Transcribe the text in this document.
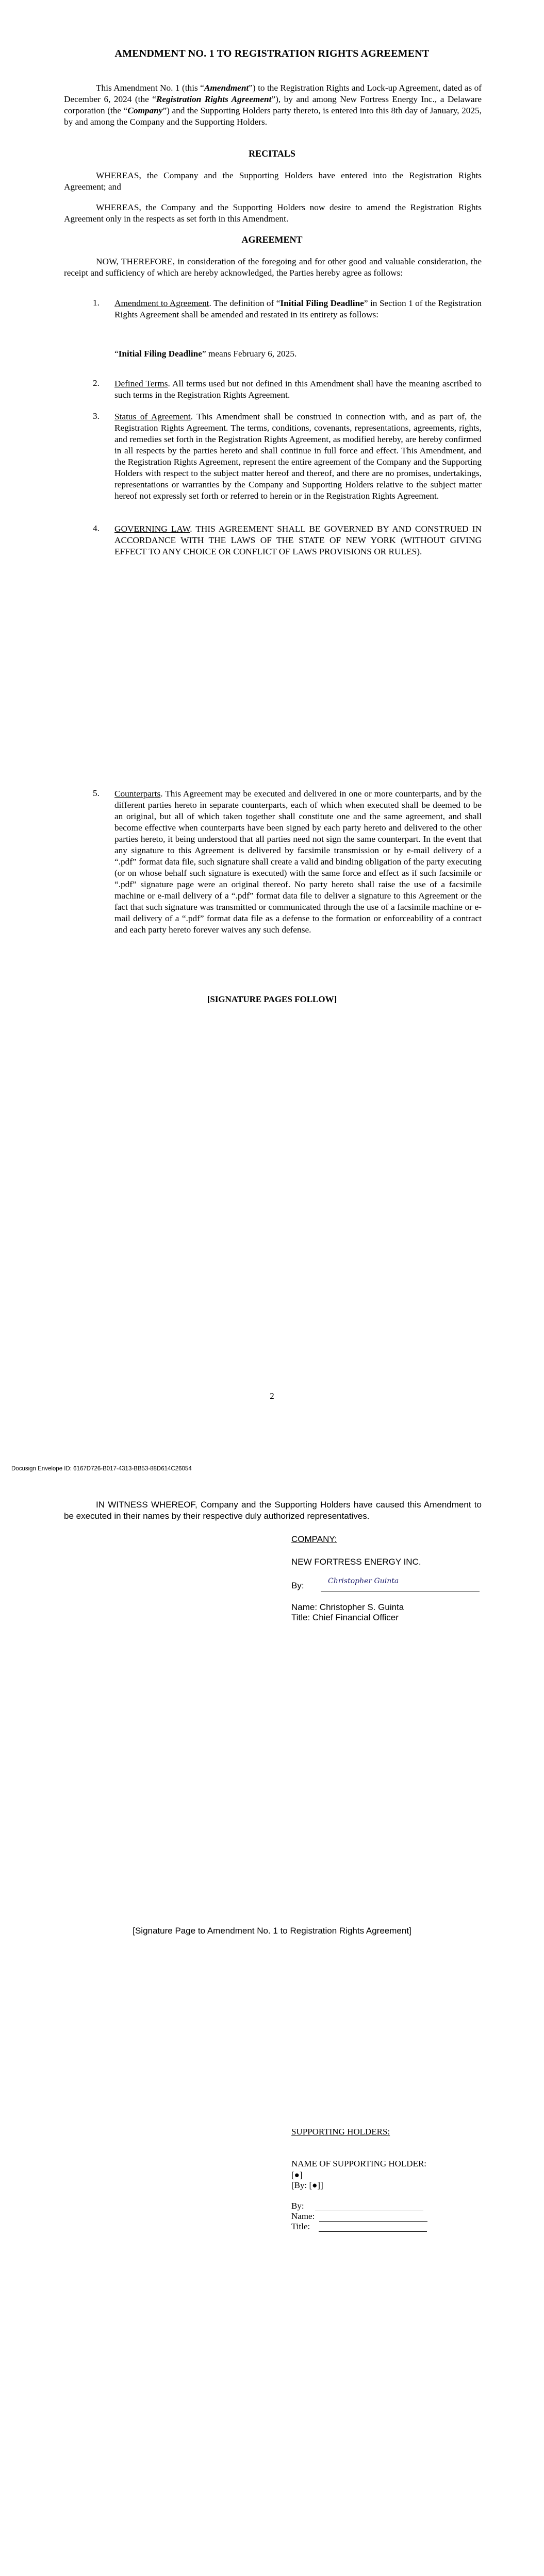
AMENDMENT NO. 1 TO REGISTRATION RIGHTS AGREEMENT
This Amendment No. 1 (this “Amendment”) to the Registration Rights and Lock-up Agreement, dated as of December 6, 2024 (the “Registration Rights Agreement”), by and among New Fortress Energy Inc., a Delaware corporation (the “Company”) and the Supporting Holders party thereto, is entered into this 8th day of January, 2025, by and among the Company and the Supporting Holders.
RECITALS
WHEREAS, the Company and the Supporting Holders have entered into the Registration Rights Agreement; and
WHEREAS, the Company and the Supporting Holders now desire to amend the Registration Rights Agreement only in the respects as set forth in this Amendment.
AGREEMENT
NOW, THEREFORE, in consideration of the foregoing and for other good and valuable consideration, the receipt and sufficiency of which are hereby acknowledged, the Parties hereby agree as follows:
1. Amendment to Agreement. The definition of “Initial Filing Deadline” in Section 1 of the Registration Rights Agreement shall be amended and restated in its entirety as follows:
“Initial Filing Deadline” means February 6, 2025.
2. Defined Terms. All terms used but not defined in this Amendment shall have the meaning ascribed to such terms in the Registration Rights Agreement.
3. Status of Agreement. This Amendment shall be construed in connection with, and as part of, the Registration Rights Agreement. The terms, conditions, covenants, representations, agreements, rights, and remedies set forth in the Registration Rights Agreement, as modified hereby, are hereby confirmed in all respects by the parties hereto and shall continue in full force and effect. This Amendment, and the Registration Rights Agreement, represent the entire agreement of the Company and the Supporting Holders with respect to the subject matter hereof and thereof, and there are no promises, undertakings, representations or warranties by the Company and Supporting Holders relative to the subject matter hereof not expressly set forth or referred to herein or in the Registration Rights Agreement.
4. GOVERNING LAW. THIS AGREEMENT SHALL BE GOVERNED BY AND CONSTRUED IN ACCORDANCE WITH THE LAWS OF THE STATE OF NEW YORK (WITHOUT GIVING EFFECT TO ANY CHOICE OR CONFLICT OF LAWS PROVISIONS OR RULES).
5. Counterparts. This Agreement may be executed and delivered in one or more counterparts, and by the different parties hereto in separate counterparts, each of which when executed shall be deemed to be an original, but all of which taken together shall constitute one and the same agreement, and shall become effective when counterparts have been signed by each party hereto and delivered to the other parties hereto, it being understood that all parties need not sign the same counterpart. In the event that any signature to this Agreement is delivered by facsimile transmission or by e-mail delivery of a “.pdf” format data file, such signature shall create a valid and binding obligation of the party executing (or on whose behalf such signature is executed) with the same force and effect as if such facsimile or “.pdf” signature page were an original thereof. No party hereto shall raise the use of a facsimile machine or e-mail delivery of a “.pdf” format data file to deliver a signature to this Agreement or the fact that such signature was transmitted or communicated through the use of a facsimile machine or e-mail delivery of a “.pdf” format data file as a defense to the formation or enforceability of a contract and each party hereto forever waives any such defense.
[SIGNATURE PAGES FOLLOW]
2
Docusign Envelope ID: 6167D726-B017-4313-BB53-88D614C26054
IN WITNESS WHEREOF, Company and the Supporting Holders have caused this Amendment to be executed in their names by their respective duly authorized representatives.
COMPANY:
NEW FORTRESS ENERGY INC.
By:	Christopher Guinta
Name: Christopher S. Guinta
Title: Chief Financial Officer
[Signature Page to Amendment No. 1 to Registration Rights Agreement]
SUPPORTING HOLDERS:
NAME OF SUPPORTING HOLDER:
[●]
[By: [●]]
By:
Name:
Title:
